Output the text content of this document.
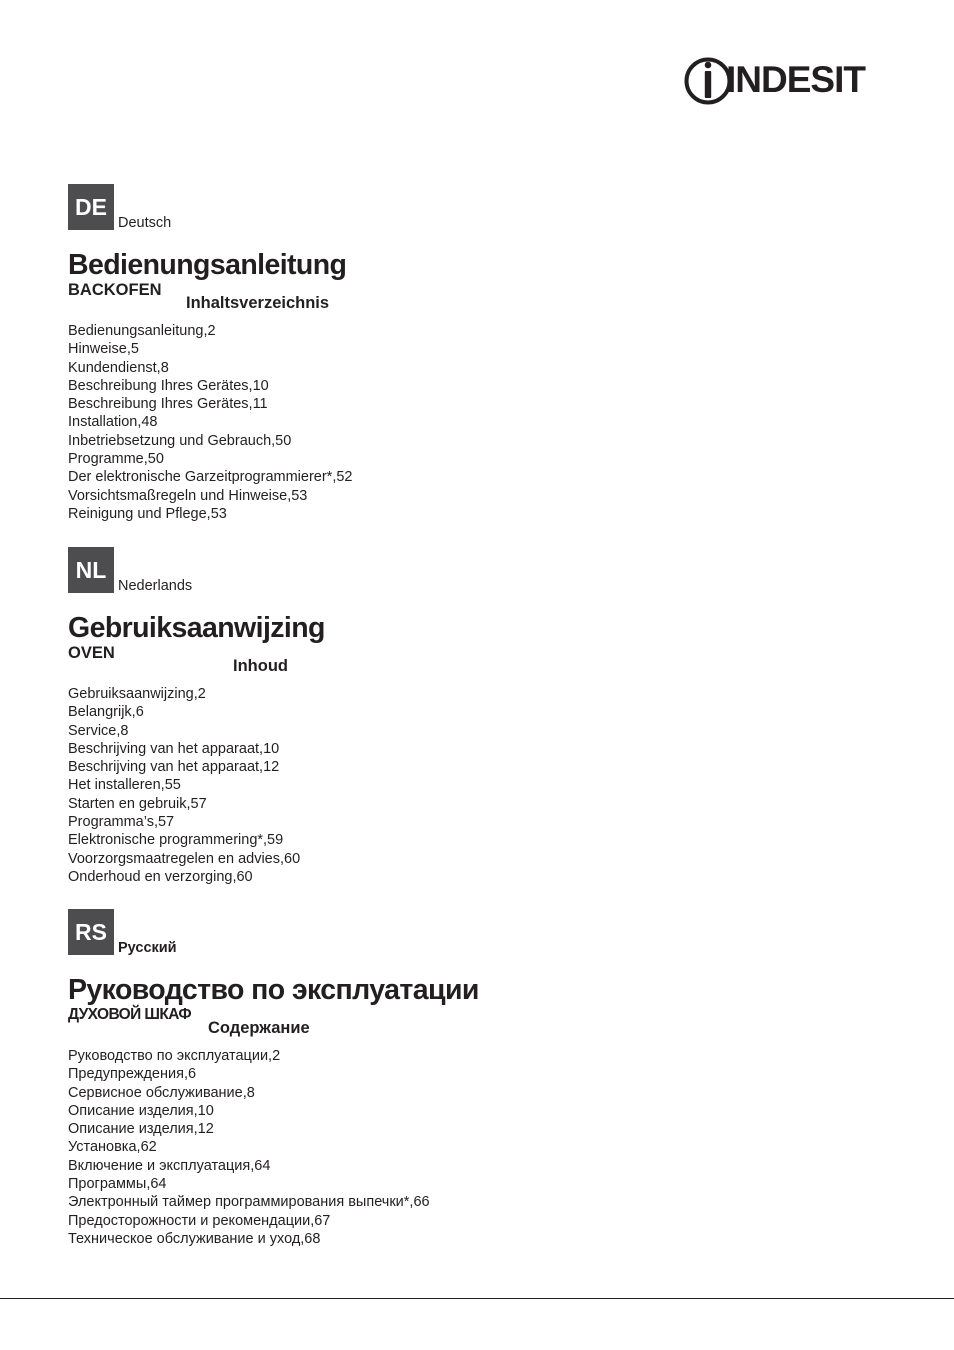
INDESIT
DE
Deutsch
Bedienungsanleitung
BACKOFEN
Inhaltsverzeichnis
Bedienungsanleitung,2
Hinweise,5
Kundendienst,8
Beschreibung Ihres Gerätes,10
Beschreibung Ihres Gerätes,11
Installation,48
Inbetriebsetzung und Gebrauch,50
Programme,50
Der elektronische Garzeitprogrammierer*,52
Vorsichtsmaßregeln und Hinweise,53
Reinigung und Pflege,53
NL
Nederlands
Gebruiksaanwijzing
OVEN
Inhoud
Gebruiksaanwijzing,2
Belangrijk,6
Service,8
Beschrijving van het apparaat,10
Beschrijving van het apparaat,12
Het installeren,55
Starten en gebruik,57
Programma’s,57
Elektronische programmering*,59
Voorzorgsmaatregelen en advies,60
Onderhoud en verzorging,60
RS
Русский
Руководство по эксплуатации
ДУХОВОЙ ШКАФ
Содержание
Руководство по эксплуатации,2
Предупреждения,6
Сервисное обслуживание,8
Описание изделия,10
Описание изделия,12
Установка,62
Включение и эксплуатация,64
Программы,64
Электронный таймер программирования выпечки*,66
Предосторожности и рекомендации,67
Техническое обслуживание и уход,68
